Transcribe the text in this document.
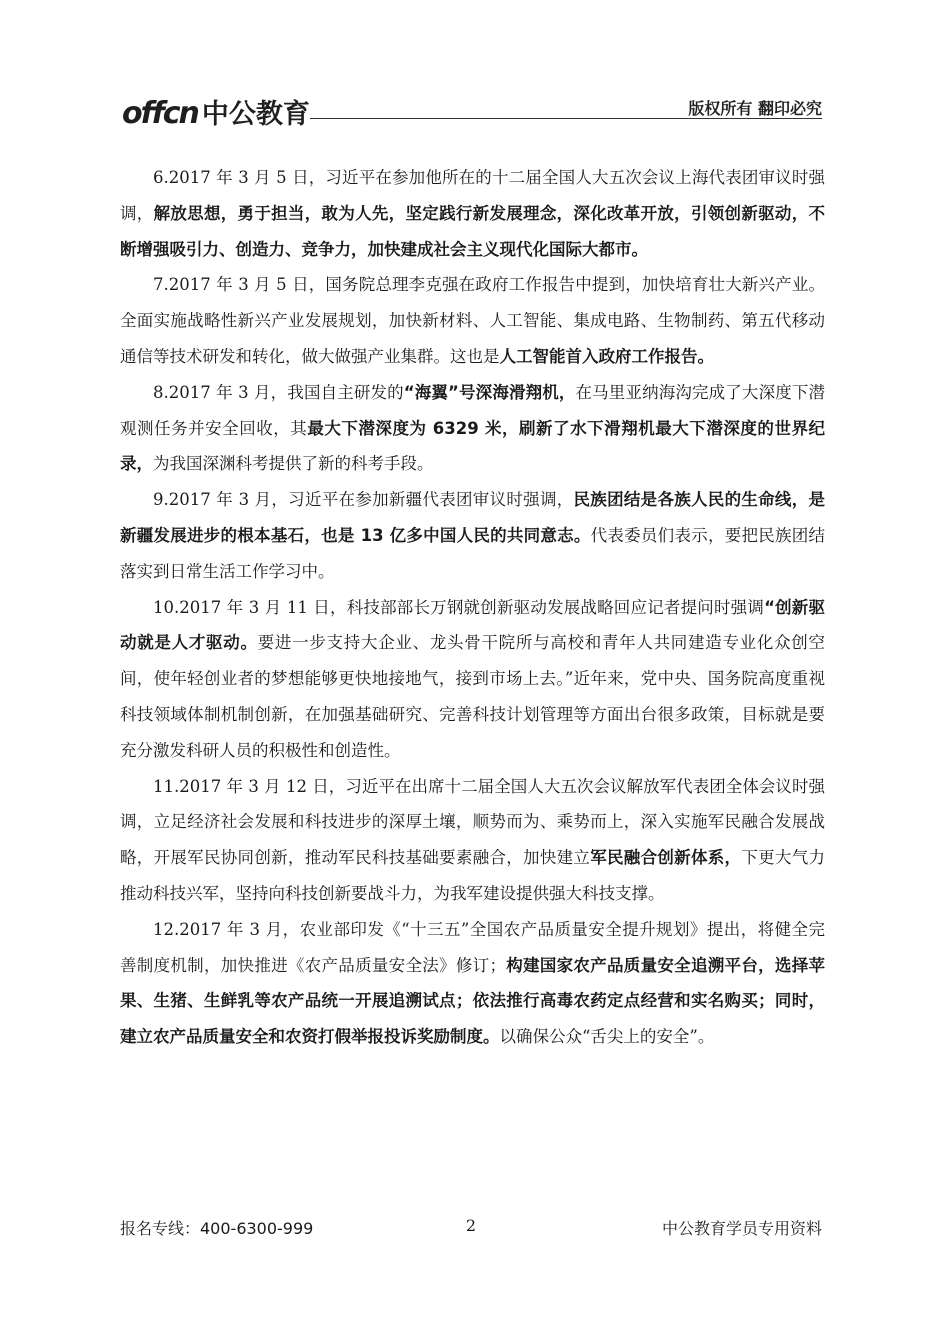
offcn 中公教育	版权所有 翻印必究

6.2017 年 3 月 5 日，习近平在参加他所在的十二届全国人大五次会议上海代表团审议时强调，解放思想，勇于担当，敢为人先，坚定践行新发展理念，深化改革开放，引领创新驱动，不断增强吸引力、创造力、竞争力，加快建成社会主义现代化国际大都市。

7.2017 年 3 月 5 日，国务院总理李克强在政府工作报告中提到，加快培育壮大新兴产业。全面实施战略性新兴产业发展规划，加快新材料、人工智能、集成电路、生物制药、第五代移动通信等技术研发和转化，做大做强产业集群。这也是人工智能首入政府工作报告。

8.2017 年 3 月，我国自主研发的“海翼”号深海滑翔机，在马里亚纳海沟完成了大深度下潜观测任务并安全回收，其最大下潜深度为 6329 米，刷新了水下滑翔机最大下潜深度的世界纪录，为我国深渊科考提供了新的科考手段。

9.2017 年 3 月，习近平在参加新疆代表团审议时强调，民族团结是各族人民的生命线，是新疆发展进步的根本基石，也是 13 亿多中国人民的共同意志。代表委员们表示，要把民族团结落实到日常生活工作学习中。

10.2017 年 3 月 11 日，科技部部长万钢就创新驱动发展战略回应记者提问时强调“创新驱动就是人才驱动。要进一步支持大企业、龙头骨干院所与高校和青年人共同建造专业化众创空间，使年轻创业者的梦想能够更快地接地气，接到市场上去。”近年来，党中央、国务院高度重视科技领域体制机制创新，在加强基础研究、完善科技计划管理等方面出台很多政策，目标就是要充分激发科研人员的积极性和创造性。

11.2017 年 3 月 12 日，习近平在出席十二届全国人大五次会议解放军代表团全体会议时强调，立足经济社会发展和科技进步的深厚土壤，顺势而为、乘势而上，深入实施军民融合发展战略，开展军民协同创新，推动军民科技基础要素融合，加快建立军民融合创新体系，下更大气力推动科技兴军，坚持向科技创新要战斗力，为我军建设提供强大科技支撑。

12.2017 年 3 月，农业部印发《“十三五”全国农产品质量安全提升规划》提出，将健全完善制度机制，加快推进《农产品质量安全法》修订；构建国家农产品质量安全追溯平台，选择苹果、生猪、生鲜乳等农产品统一开展追溯试点；依法推行高毒农药定点经营和实名购买；同时，建立农产品质量安全和农资打假举报投诉奖励制度。以确保公众“舌尖上的安全”。

报名专线：400-6300-999	2	中公教育学员专用资料
